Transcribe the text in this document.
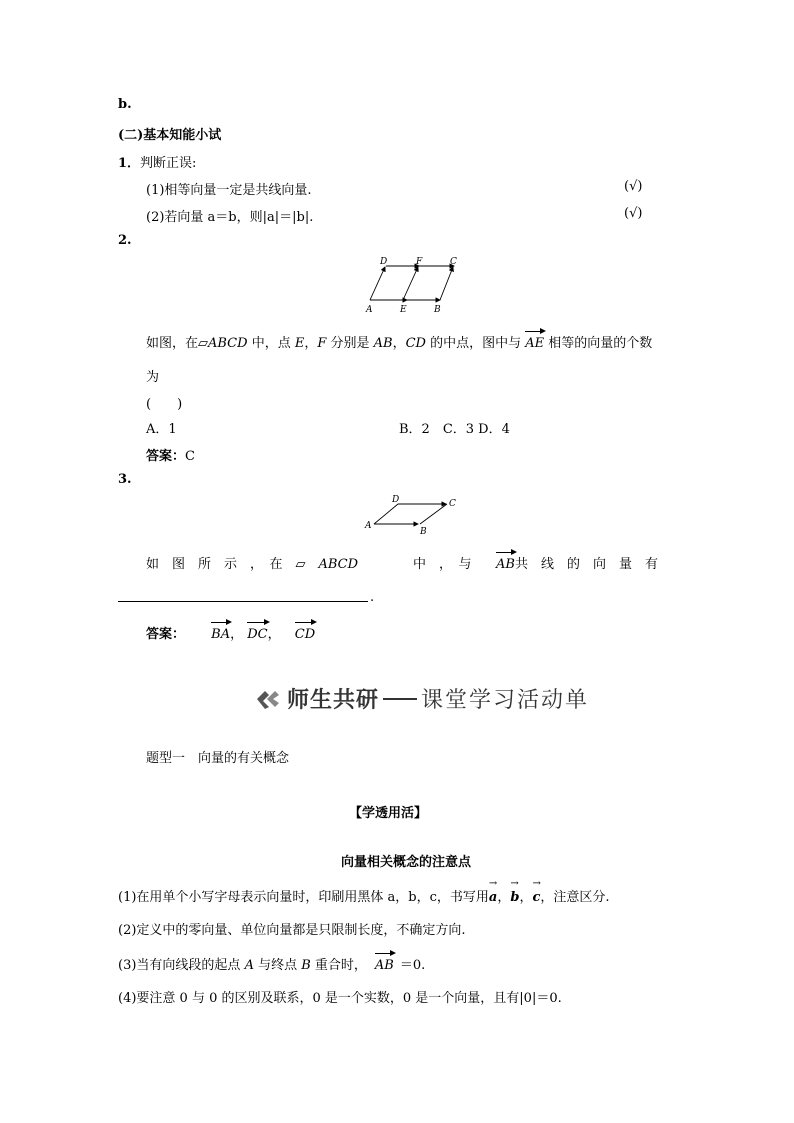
b.
(二)基本知能小试
1． 判断正误:
(1)相等向量一定是共线向量.	(√)
(2)若向量 a＝b，则|a|＝|b|.	(√)
2.
D	F	C
A	E	B
如图，在▱ABCD 中，点 E，F 分别是 AB，CD 的中点，图中与 AE 相等的向量的个数
为
(　　)
A．1	B．2　C．3 D．4
答案：C
3.
D	C
A
B
如　图　所　示　，　在　▱　ABCD	中　，　与 AB共　线　的　向　量　有
.
答案： BA， DC， CD
师生共研 课堂学习活动单
题型一　向量的有关概念
【学透用活】
向量相关概念的注意点
(1)在用单个小写字母表示向量时，印刷用黑体 a，b，c，书写用a →，b →，c →，注意区分.
(2)定义中的零向量、单位向量都是只限制长度，不确定方向.
(3)当有向线段的起点 A 与终点 B 重合时， AB ＝0.
(4)要注意 0 与 0 的区别及联系，0 是一个实数，0 是一个向量，且有|0|＝0.
